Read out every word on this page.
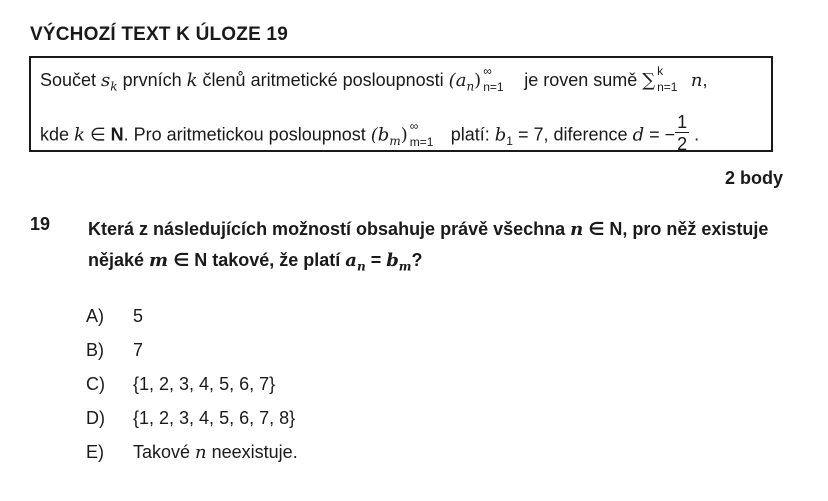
VÝCHOZÍ TEXT K ÚLOZE 19
Součet $s_k$ prvních k členů aritmetické posloupnosti $(a_n)$ ∞
n=1 je roven sumě ∑ k
n=1 n,
kde k ∈ N. Pro aritmetickou posloupnost $(b_m)$ ∞
m=1 platí: $b_1 = 7$, diference d = − $\frac{1}{2}$ .
2 body
19 Která z následujících možností obsahuje právě všechna n ∈ N, pro něž existuje
nějaké m ∈ N takové, že platí $a_n = b_m$?
A) 5
B) 7
C) {1, 2, 3, 4, 5, 6, 7}
D) {1, 2, 3, 4, 5, 6, 7, 8}
E) Takové n neexistuje.
